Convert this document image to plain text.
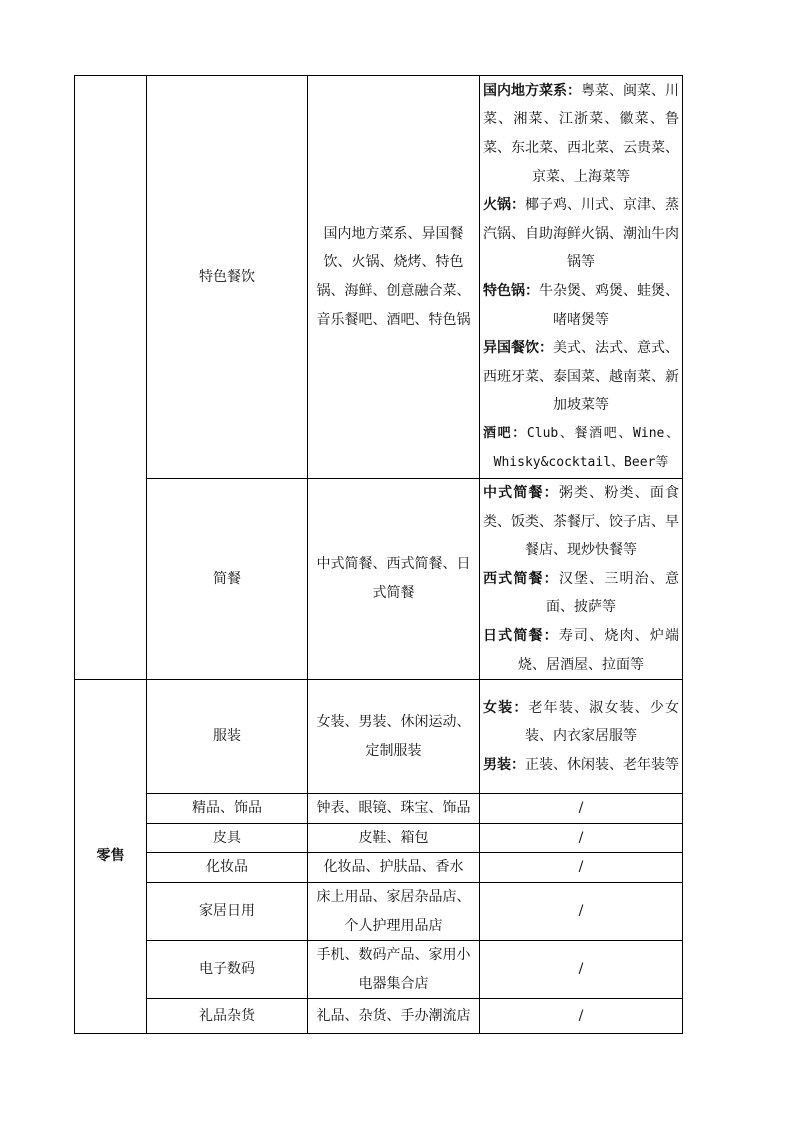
	特色餐饮	国内地方菜系、异国餐饮、火锅、烧烤、特色锅、海鲜、创意融合菜、音乐餐吧、酒吧、特色锅	国内地方菜系：粤菜、闽菜、川菜、湘菜、江浙菜、徽菜、鲁菜、东北菜、西北菜、云贵菜、京菜、上海菜等
火锅：椰子鸡、川式、京津、蒸汽锅、自助海鲜火锅、潮汕牛肉锅等
特色锅：牛杂煲、鸡煲、蛙煲、啫啫煲等
异国餐饮：美式、法式、意式、西班牙菜、泰国菜、越南菜、新加坡菜等
酒吧：Club、餐酒吧、Wine、Whisky&cocktail、Beer等

	简餐	中式简餐、西式简餐、日式简餐	中式简餐：粥类、粉类、面食类、饭类、茶餐厅、饺子店、早餐店、现炒快餐等
西式简餐：汉堡、三明治、意面、披萨等
日式简餐：寿司、烧肉、炉端烧、居酒屋、拉面等

零售	服装	女装、男装、休闲运动、定制服装	女装：老年装、淑女装、少女装、内衣家居服等
男装：正装、休闲装、老年装等

	精品、饰品	钟表、眼镜、珠宝、饰品	/
	皮具	皮鞋、箱包	/
	化妆品	化妆品、护肤品、香水	/
	家居日用	床上用品、家居杂品店、个人护理用品店	/
	电子数码	手机、数码产品、家用小电器集合店	/
	礼品杂货	礼品、杂货、手办潮流店	/
